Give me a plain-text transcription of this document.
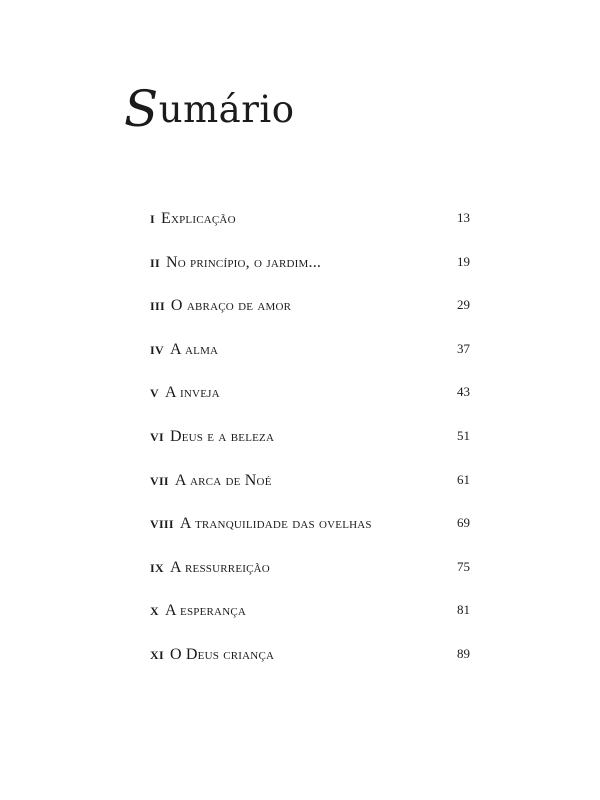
Sumário
I Explicação	13
II No princípio, o jardim...	19
III O abraço de amor	29
IV A alma	37
V A inveja	43
VI Deus e a beleza	51
VII A arca de Noé	61
VIII A tranquilidade das ovelhas	69
IX A ressurreição	75
X A esperança	81
XI O Deus criança	89
